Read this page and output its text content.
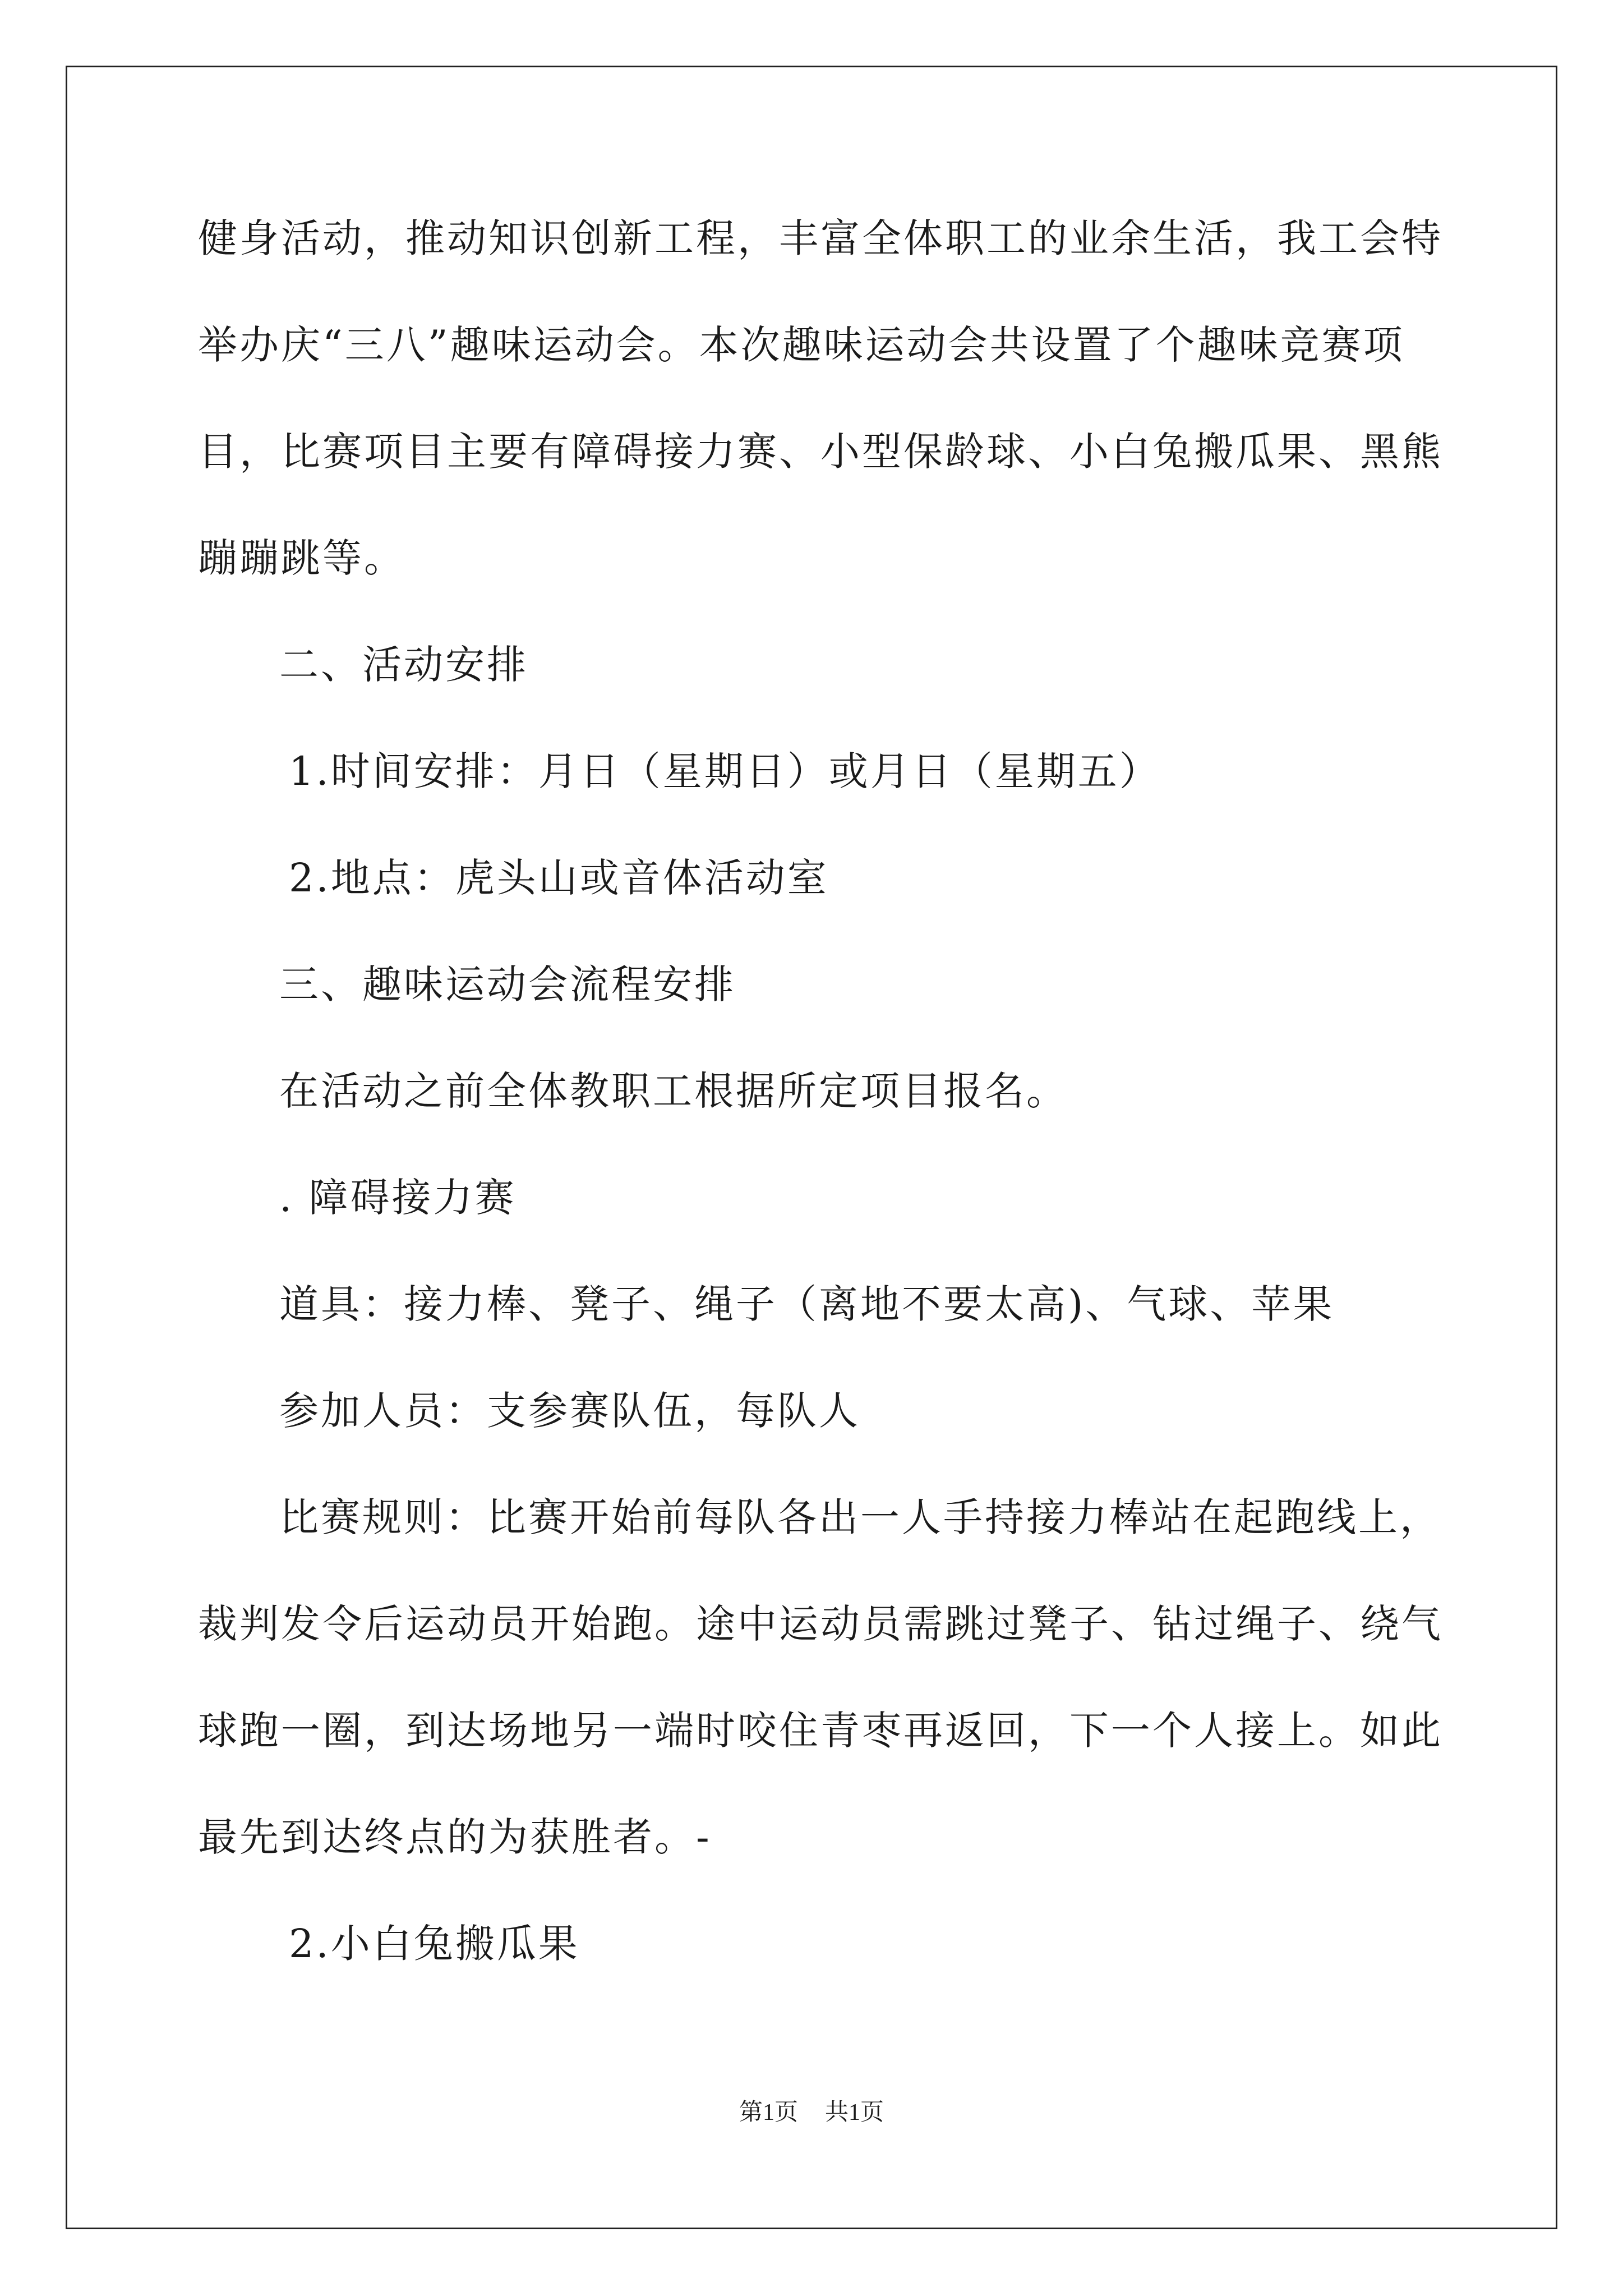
健身活动，推动知识创新工程，丰富全体职工的业余生活，我工会特
举办庆“三八”趣味运动会。本次趣味运动会共设置了个趣味竞赛项
目，比赛项目主要有障碍接力赛、小型保龄球、小白兔搬瓜果、黑熊
蹦蹦跳等。
二、活动安排
1.时间安排：月日（星期日）或月日（星期五）
2.地点：虎头山或音体活动室
三、趣味运动会流程安排
在活动之前全体教职工根据所定项目报名。
. 障碍接力赛
道具：接力棒、凳子、绳子（离地不要太高)、气球、苹果
参加人员：支参赛队伍，每队人
比赛规则：比赛开始前每队各出一人手持接力棒站在起跑线上，
裁判发令后运动员开始跑。途中运动员需跳过凳子、钻过绳子、绕气
球跑一圈，到达场地另一端时咬住青枣再返回，下一个人接上。如此
最先到达终点的为获胜者。-
2.小白兔搬瓜果
第1页 共1页
